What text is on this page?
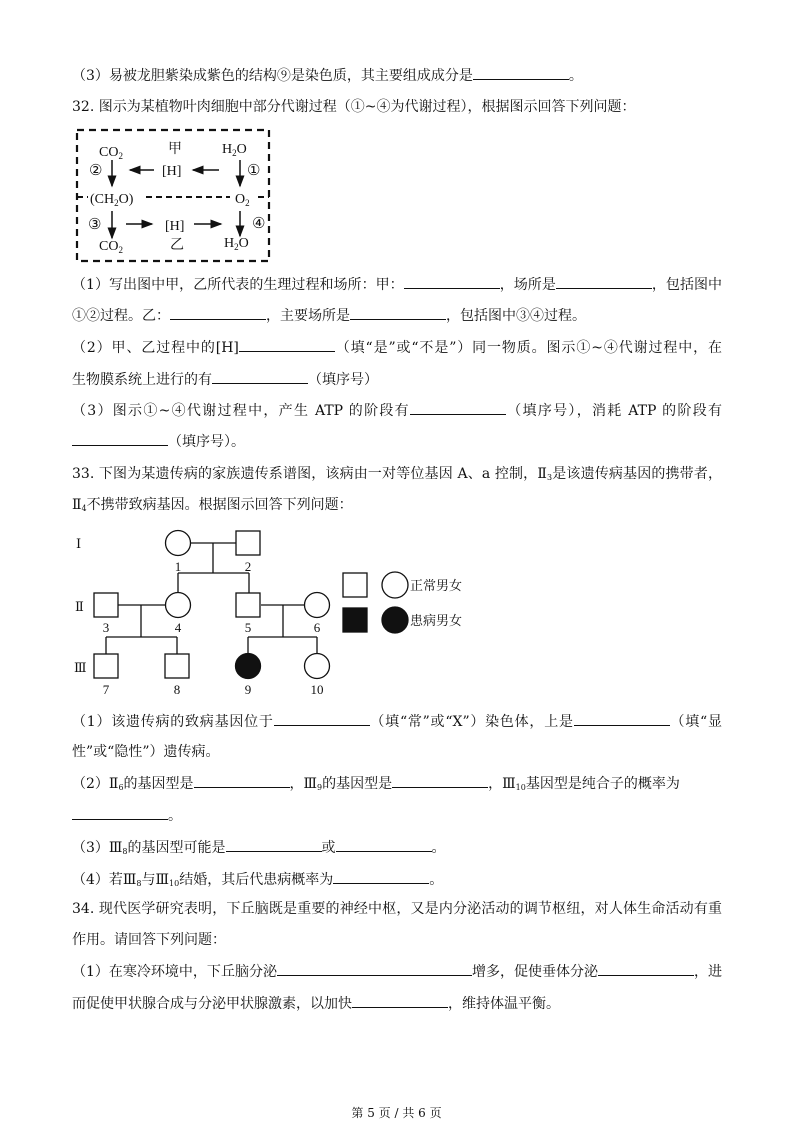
（3）易被龙胆紫染成紫色的结构⑨是染色质，其主要组成成分是	。
32. 图示为某植物叶肉细胞中部分代谢过程（①~④为代谢过程），根据图示回答下列问题：
（1）写出图中甲，乙所代表的生理过程和场所：甲：	，场所是	，包括图中
①②过程。乙：	，主要场所是	，包括图中③④过程。
（2）甲、乙过程中的[H]	（填“是”或“不是”）同一物质。图示①~④代谢过程中，在
生物膜系统上进行的有	（填序号）
（3）图示①~④代谢过程中，产生 ATP 的阶段有	（填序号），消耗 ATP 的阶段有
（填序号）。
33. 下图为某遗传病的家族遗传系谱图，该病由一对等位基因 A、a 控制，$Ⅱ_3$是该遗传病基因的携带者，
$Ⅱ_4$不携带致病基因。根据图示回答下列问题：
（1）该遗传病的致病基因位于	（填“常”或“X”）染色体，上是	（填“显
性”或“隐性”）遗传病。
$(2)Ⅱ_6$的基因型是	，$Ⅲ_9$的基因型是	，$Ⅲ_{10}$基因型是纯合子的概率为
。
$(3)Ⅲ_8$的基因型可能是	或	。
（4）若$Ⅲ_8$与$Ⅲ_{10}$结婚，其后代患病概率为	。
34. 现代医学研究表明，下丘脑既是重要的神经中枢，又是内分泌活动的调节枢纽，对人体生命活动有重
作用。请回答下列问题：
（1）在寒冷环境中，下丘脑分泌	增多，促使垂体分泌	，进
而促使甲状腺合成与分泌甲状腺激素，以加快	，维持体温平衡。
$CO_2$	甲	$H_2O$
②	[H]	①
$(CH_2O)$	$O_2$
③	[H]	④
$CO_2$	乙	$H_2O$
Ⅰ
Ⅱ
Ⅲ
1	2
3	4	5	6
7	8	9	10
正常男女
患病男女
第 5 页 / 共 6 页
